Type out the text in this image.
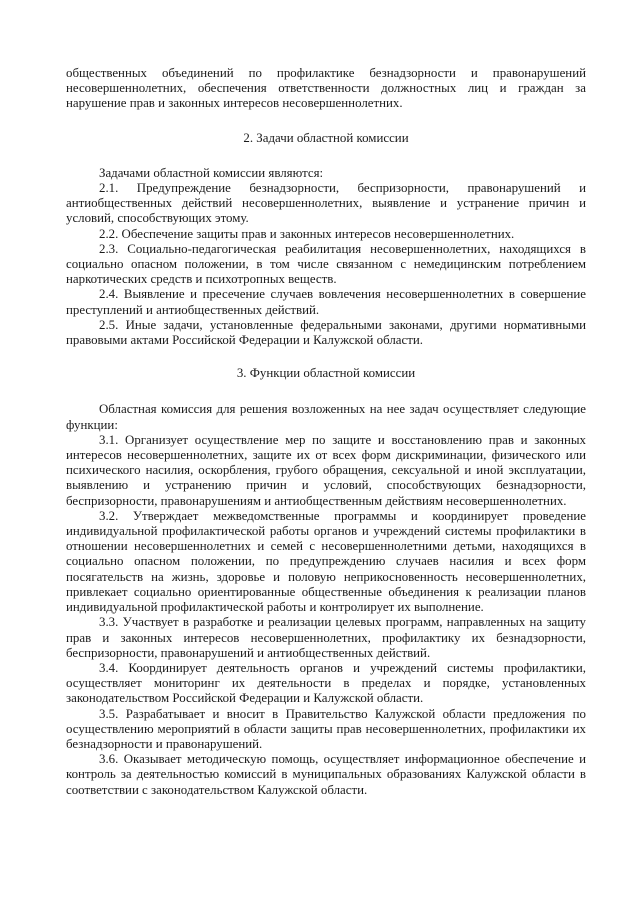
общественных объединений по профилактике безнадзорности и правонарушений несовершеннолетних, обеспечения ответственности должностных лиц и граждан за нарушение прав и законных интересов несовершеннолетних.

2. Задачи областной комиссии

Задачами областной комиссии являются:

2.1. Предупреждение безнадзорности, беспризорности, правонарушений и антиобщественных действий несовершеннолетних, выявление и устранение причин и условий, способствующих этому.

2.2. Обеспечение защиты прав и законных интересов несовершеннолетних.

2.3. Социально-педагогическая реабилитация несовершеннолетних, находящихся в социально опасном положении, в том числе связанном с немедицинским потреблением наркотических средств и психотропных веществ.

2.4. Выявление и пресечение случаев вовлечения несовершеннолетних в совершение преступлений и антиобщественных действий.

2.5. Иные задачи, установленные федеральными законами, другими нормативными правовыми актами Российской Федерации и Калужской области.

3. Функции областной комиссии

Областная комиссия для решения возложенных на нее задач осуществляет следующие функции:

3.1. Организует осуществление мер по защите и восстановлению прав и законных интересов несовершеннолетних, защите их от всех форм дискриминации, физического или психического насилия, оскорбления, грубого обращения, сексуальной и иной эксплуатации, выявлению и устранению причин и условий, способствующих безнадзорности, беспризорности, правонарушениям и антиобщественным действиям несовершеннолетних.

3.2. Утверждает межведомственные программы и координирует проведение индивидуальной профилактической работы органов и учреждений системы профилактики в отношении несовершеннолетних и семей с несовершеннолетними детьми, находящихся в социально опасном положении, по предупреждению случаев насилия и всех форм посягательств на жизнь, здоровье и половую неприкосновенность несовершеннолетних, привлекает социально ориентированные общественные объединения к реализации планов индивидуальной профилактической работы и контролирует их выполнение.

3.3. Участвует в разработке и реализации целевых программ, направленных на защиту прав и законных интересов несовершеннолетних, профилактику их безнадзорности, беспризорности, правонарушений и антиобщественных действий.

3.4. Координирует деятельность органов и учреждений системы профилактики, осуществляет мониторинг их деятельности в пределах и порядке, установленных законодательством Российской Федерации и Калужской области.

3.5. Разрабатывает и вносит в Правительство Калужской области предложения по осуществлению мероприятий в области защиты прав несовершеннолетних, профилактики их безнадзорности и правонарушений.

3.6. Оказывает методическую помощь, осуществляет информационное обеспечение и контроль за деятельностью комиссий в муниципальных образованиях Калужской области в соответствии с законодательством Калужской области.
